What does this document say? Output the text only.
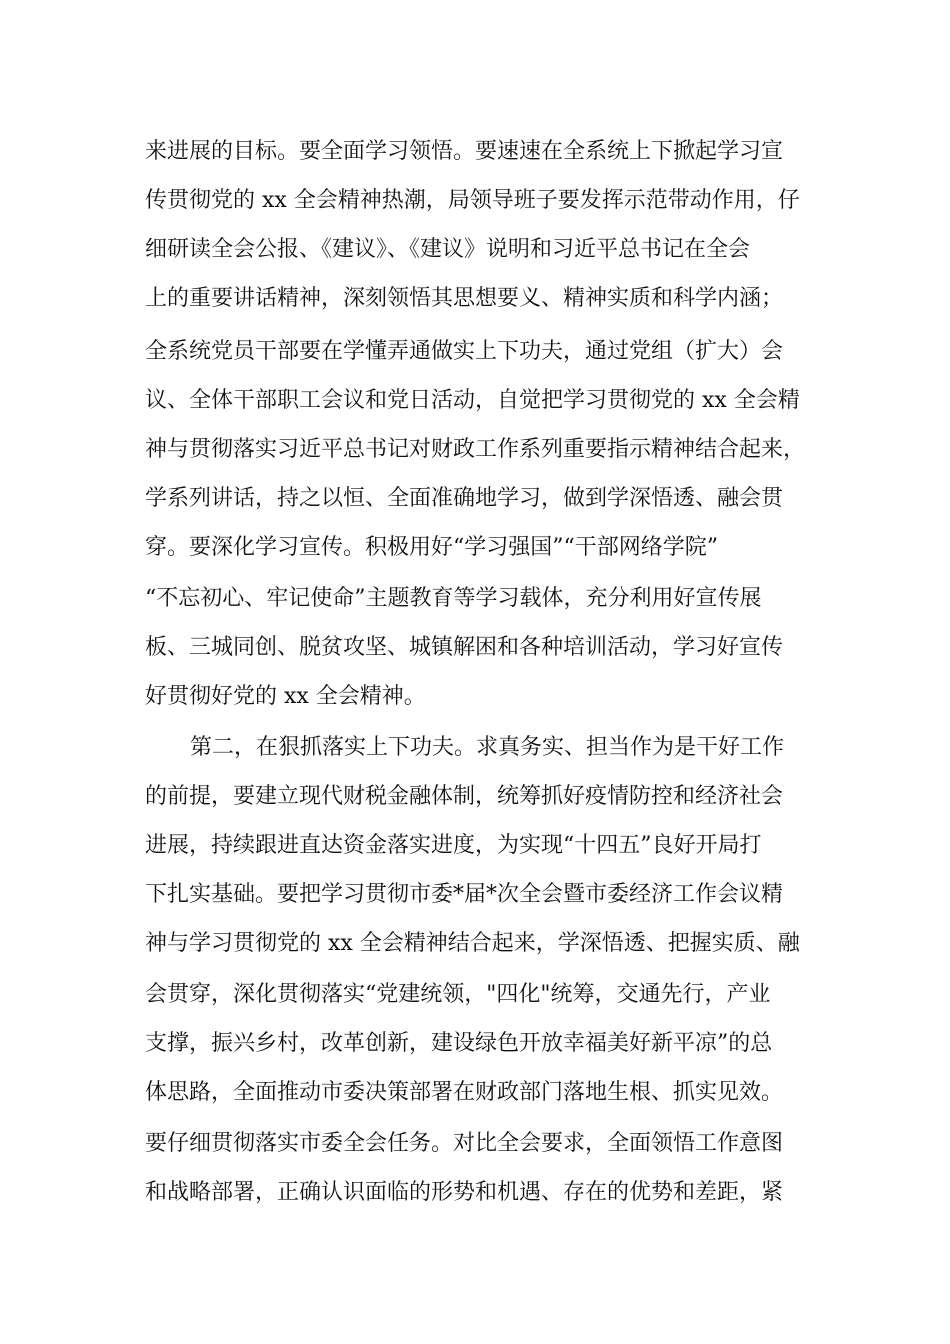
来进展的目标。要全面学习领悟。要速速在全系统上下掀起学习宣
传贯彻党的 xx 全会精神热潮，局领导班子要发挥示范带动作用，仔
细研读全会公报、《建议》、《建议》说明和习近平总书记在全会
上的重要讲话精神，深刻领悟其思想要义、精神实质和科学内涵；
全系统党员干部要在学懂弄通做实上下功夫，通过党组（扩大）会
议、全体干部职工会议和党日活动，自觉把学习贯彻党的 xx 全会精
神与贯彻落实习近平总书记对财政工作系列重要指示精神结合起来，
学系列讲话，持之以恒、全面准确地学习，做到学深悟透、融会贯
穿。要深化学习宣传。积极用好“学习强国”“干部网络学院”
“不忘初心、牢记使命”主题教育等学习载体，充分利用好宣传展
板、三城同创、脱贫攻坚、城镇解困和各种培训活动，学习好宣传
好贯彻好党的 xx 全会精神。
第二，在狠抓落实上下功夫。求真务实、担当作为是干好工作
的前提，要建立现代财税金融体制，统筹抓好疫情防控和经济社会
进展，持续跟进直达资金落实进度，为实现“十四五”良好开局打
下扎实基础。要把学习贯彻市委*届*次全会暨市委经济工作会议精
神与学习贯彻党的 xx 全会精神结合起来，学深悟透、把握实质、融
会贯穿，深化贯彻落实“党建统领，"四化"统筹，交通先行，产业
支撑，振兴乡村，改革创新，建设绿色开放幸福美好新平凉”的总
体思路，全面推动市委决策部署在财政部门落地生根、抓实见效。
要仔细贯彻落实市委全会任务。对比全会要求，全面领悟工作意图
和战略部署，正确认识面临的形势和机遇、存在的优势和差距，紧
